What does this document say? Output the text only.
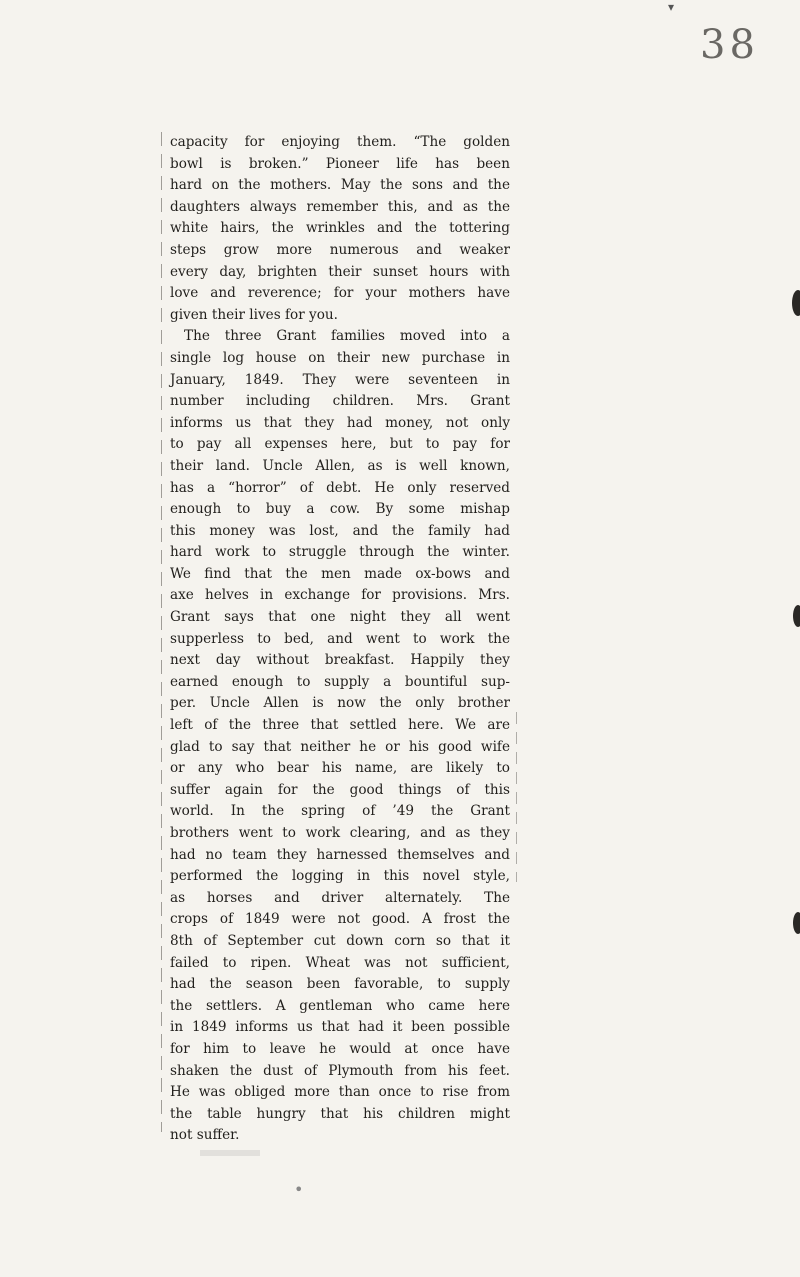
▾
38
capacity for enjoying them. “The golden
bowl is broken.” Pioneer life has been
hard on the mothers. May the sons and the
daughters always remember this, and as the
white hairs, the wrinkles and the tottering
steps grow more numerous and weaker
every day, brighten their sunset hours with
love and reverence; for your mothers have
given their lives for you.
The three Grant families moved into a
single log house on their new purchase in
January, 1849. They were seventeen in
number including children. Mrs. Grant
informs us that they had money, not only
to pay all expenses here, but to pay for
their land. Uncle Allen, as is well known,
has a “horror” of debt. He only reserved
enough to buy a cow. By some mishap
this money was lost, and the family had
hard work to struggle through the winter.
We find that the men made ox-bows and
axe helves in exchange for provisions. Mrs.
Grant says that one night they all went
supperless to bed, and went to work the
next day without breakfast. Happily they
earned enough to supply a bountiful sup-
per. Uncle Allen is now the only brother
left of the three that settled here. We are
glad to say that neither he or his good wife
or any who bear his name, are likely to
suffer again for the good things of this
world. In the spring of ’49 the Grant
brothers went to work clearing, and as they
had no team they harnessed themselves and
performed the logging in this novel style,
as horses and driver alternately. The
crops of 1849 were not good. A frost the
8th of September cut down corn so that it
failed to ripen. Wheat was not sufficient,
had the season been favorable, to supply
the settlers. A gentleman who came here
in 1849 informs us that had it been possible
for him to leave he would at once have
shaken the dust of Plymouth from his feet.
He was obliged more than once to rise from
the table hungry that his children might
not suffer.
•
